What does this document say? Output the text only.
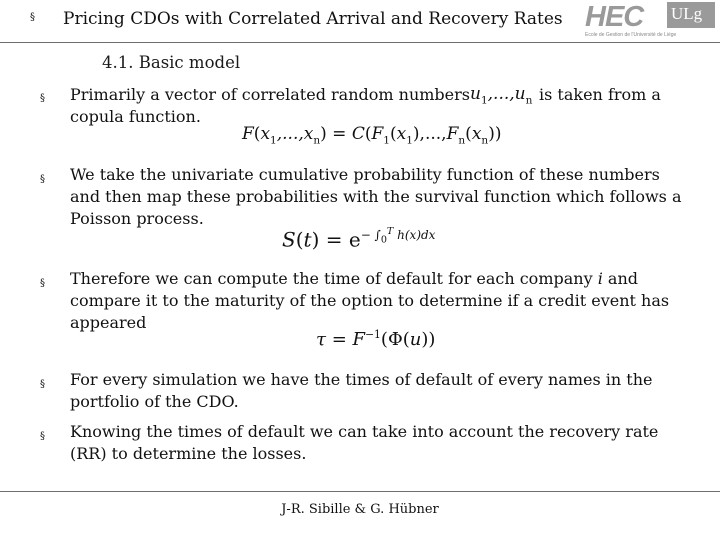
§ Pricing CDOs with Correlated Arrival and Recovery Rates HEC ULg
École de Gestion de l'Université de Liège
4.1. Basic model
§ Primarily a vector of correlated random numbers $u_1,...,u_n$ is taken from a
copula function.
$F(x_1,...,x_n) = C(F_1(x_1),...,F_n(x_n))$
§ We take the univariate cumulative probability function of these numbers
and then map these probabilities with the survival function which follows a
Poisson process.
$S(t) = e^{- \int_0^T h(x)dx}$
§ Therefore we can compute the time of default for each company i and
compare it to the maturity of the option to determine if a credit event has
appeared
$\tau = F^{-1}(\Phi(u))$
§ For every simulation we have the times of default of every names in the
portfolio of the CDO.
§ Knowing the times of default we can take into account the recovery rate
(RR) to determine the losses.
J-R. Sibille & G. Hübner
